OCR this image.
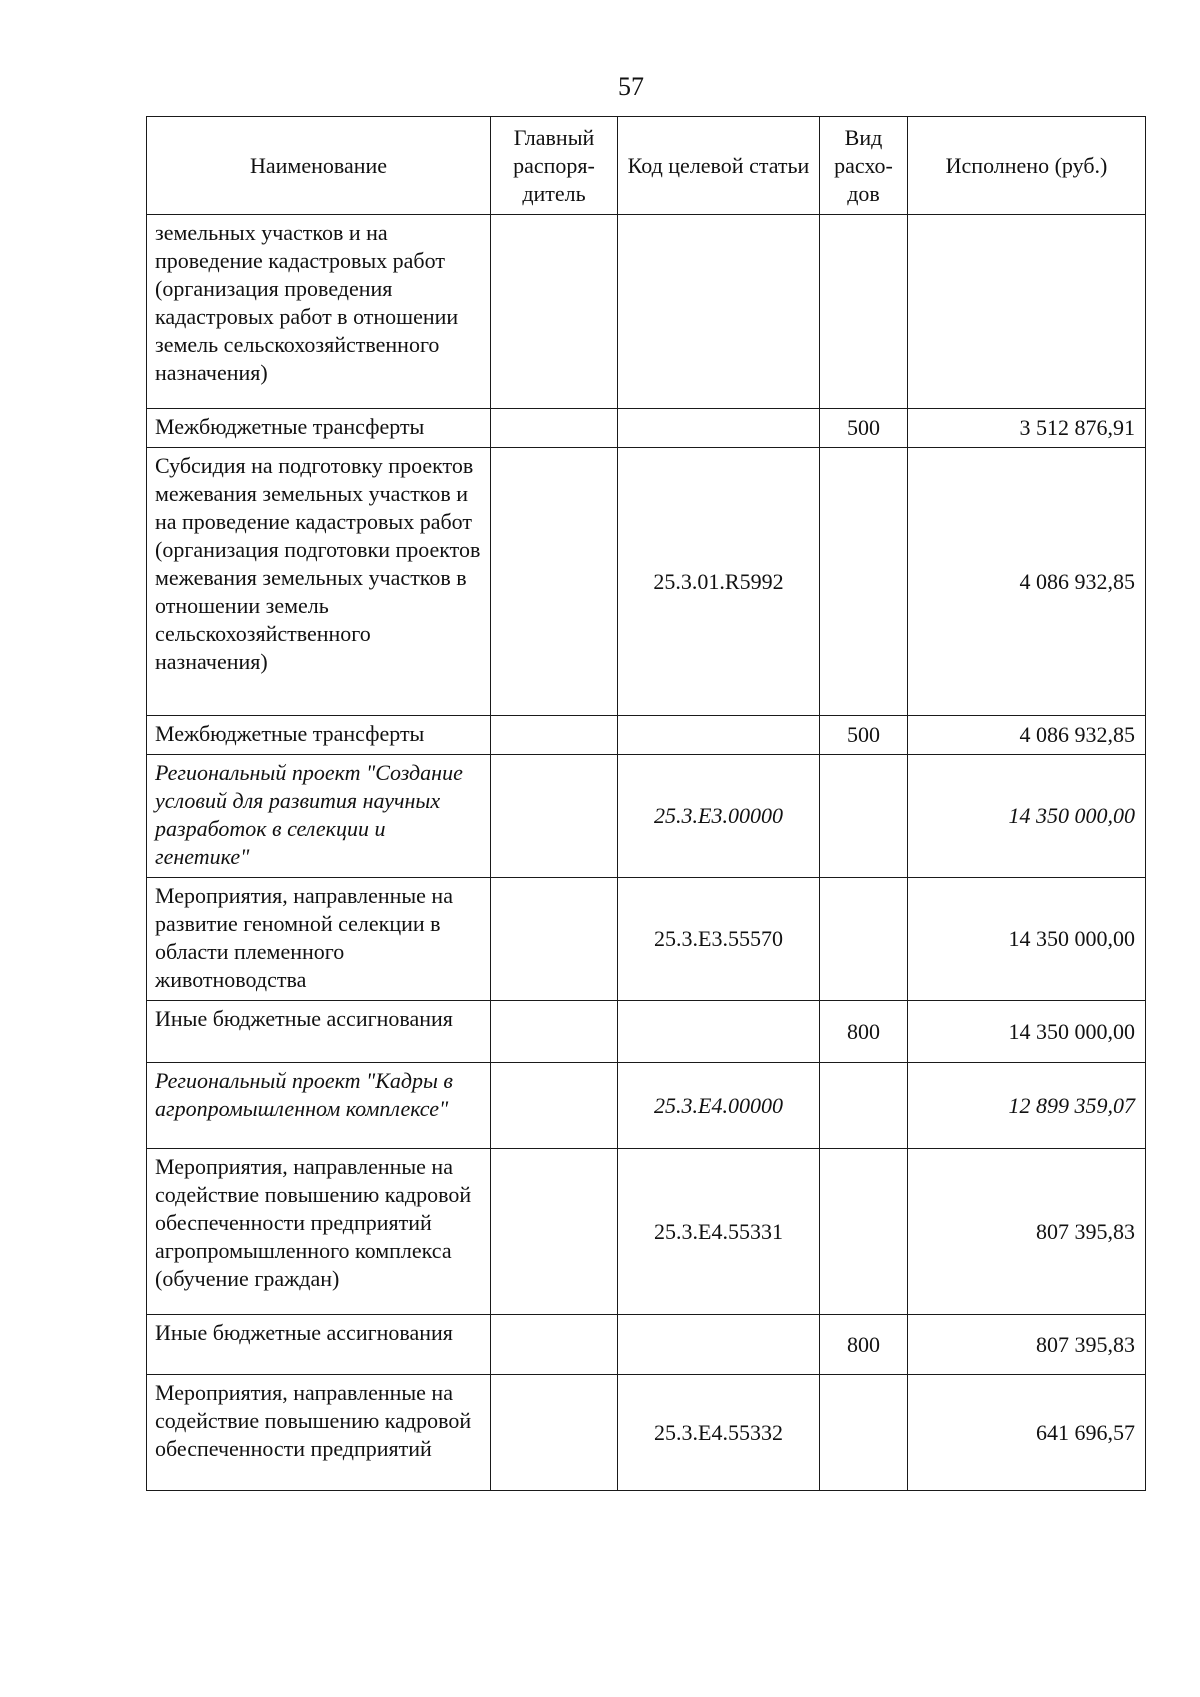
57
Наименование	Главный распоря-дитель	Код целевой статьи	Вид расхо-дов	Исполнено (руб.)
земельных участков и на проведение кадастровых работ (организация проведения кадастровых работ в отношении земель сельскохозяйственного назначения)				
Межбюджетные трансферты			500	3 512 876,91
Субсидия на подготовку проектов межевания земельных участков и на проведение кадастровых работ (организация подготовки проектов межевания земельных участков в отношении земель сельскохозяйственного назначения)		25.3.01.R5992		4 086 932,85
Межбюджетные трансферты			500	4 086 932,85
Региональный проект "Создание условий для развития научных разработок в селекции и генетике"		25.3.E3.00000		14 350 000,00
Мероприятия, направленные на развитие геномной селекции в области племенного животноводства		25.3.E3.55570		14 350 000,00
Иные бюджетные ассигнования			800	14 350 000,00
Региональный проект "Кадры в агропромышленном комплексе"		25.3.E4.00000		12 899 359,07
Мероприятия, направленные на содействие повышению кадровой обеспеченности предприятий агропромышленного комплекса (обучение граждан)		25.3.E4.55331		807 395,83
Иные бюджетные ассигнования			800	807 395,83
Мероприятия, направленные на содействие повышению кадровой обеспеченности предприятий		25.3.E4.55332		641 696,57
